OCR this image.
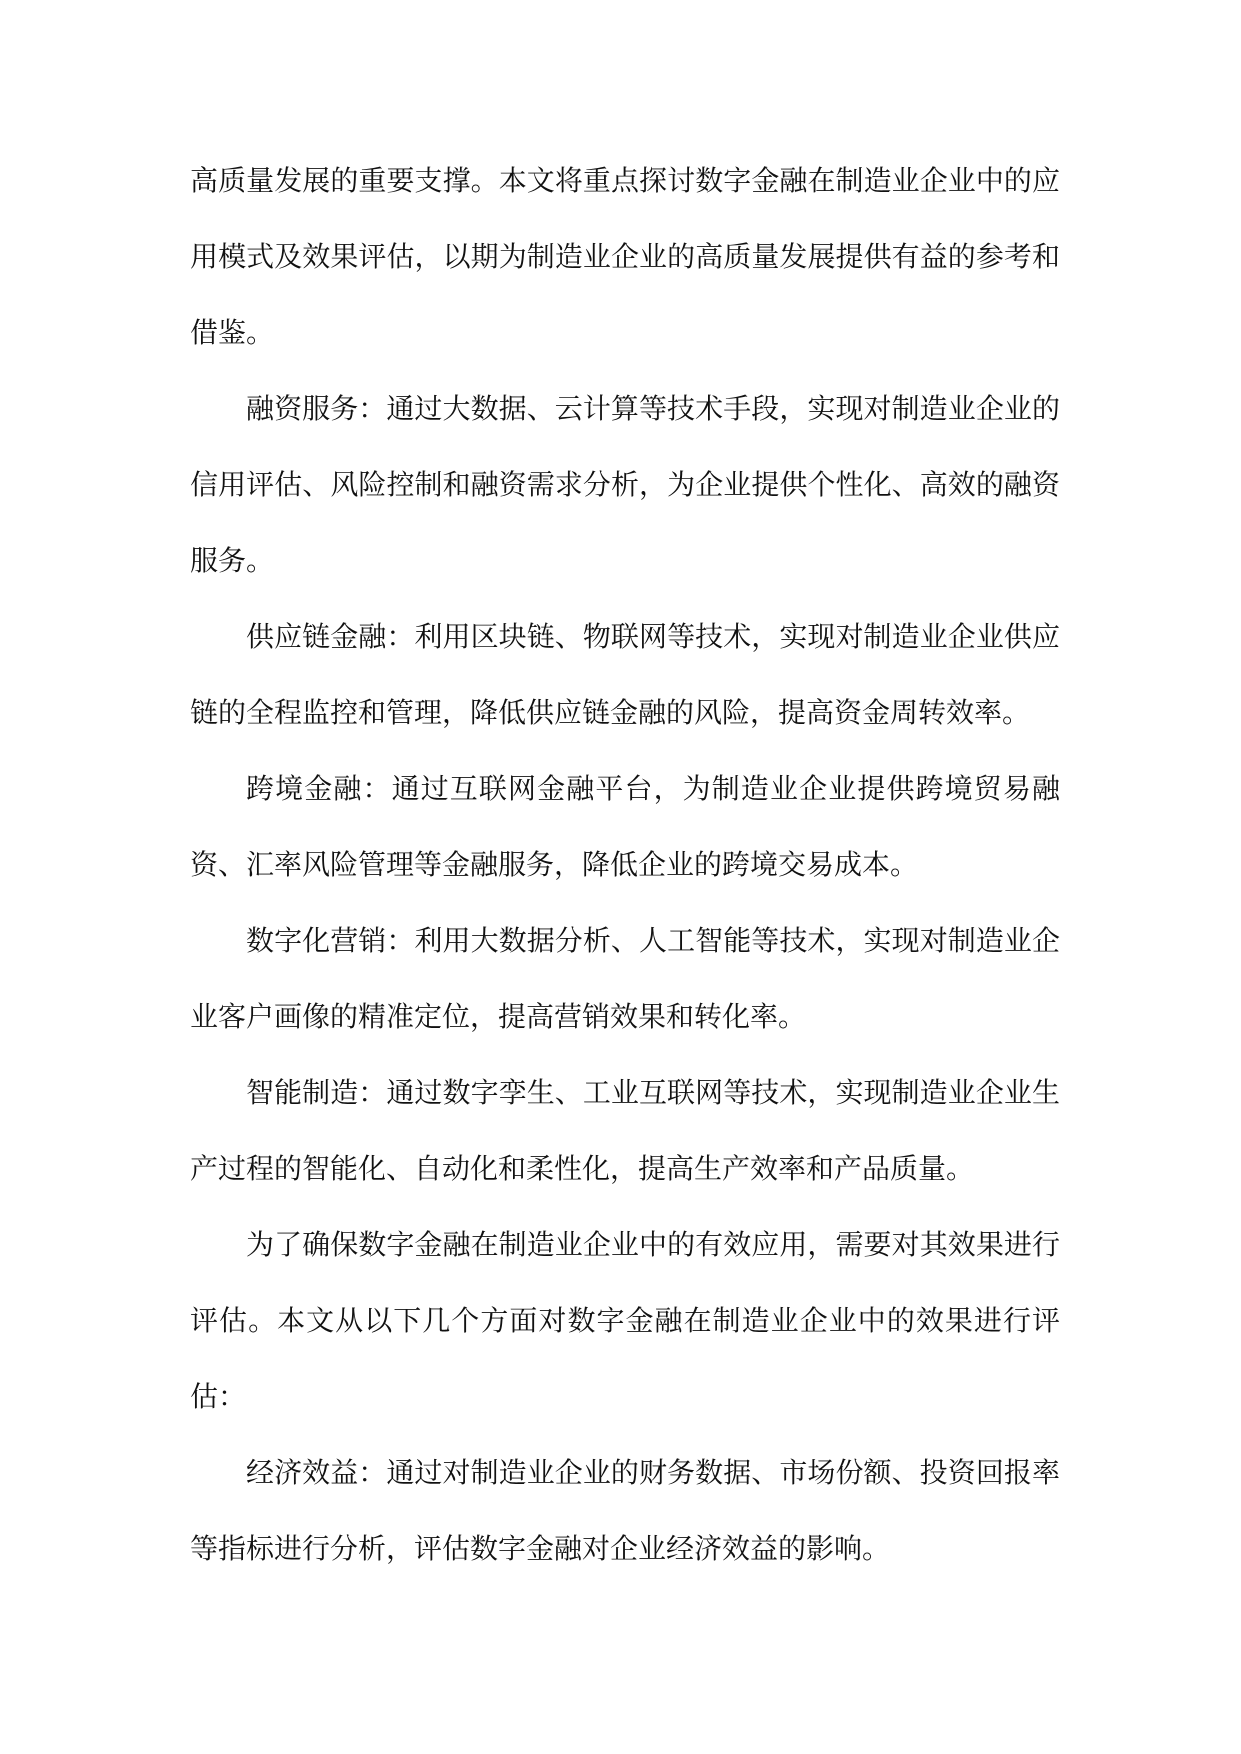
高质量发展的重要支撑。本文将重点探讨数字金融在制造业企业中的应用模式及效果评估，以期为制造业企业的高质量发展提供有益的参考和借鉴。

融资服务：通过大数据、云计算等技术手段，实现对制造业企业的信用评估、风险控制和融资需求分析，为企业提供个性化、高效的融资服务。

供应链金融：利用区块链、物联网等技术，实现对制造业企业供应链的全程监控和管理，降低供应链金融的风险，提高资金周转效率。

跨境金融：通过互联网金融平台，为制造业企业提供跨境贸易融资、汇率风险管理等金融服务，降低企业的跨境交易成本。

数字化营销：利用大数据分析、人工智能等技术，实现对制造业企业客户画像的精准定位，提高营销效果和转化率。

智能制造：通过数字孪生、工业互联网等技术，实现制造业企业生产过程的智能化、自动化和柔性化，提高生产效率和产品质量。

为了确保数字金融在制造业企业中的有效应用，需要对其效果进行评估。本文从以下几个方面对数字金融在制造业企业中的效果进行评估：

经济效益：通过对制造业企业的财务数据、市场份额、投资回报率等指标进行分析，评估数字金融对企业经济效益的影响。
